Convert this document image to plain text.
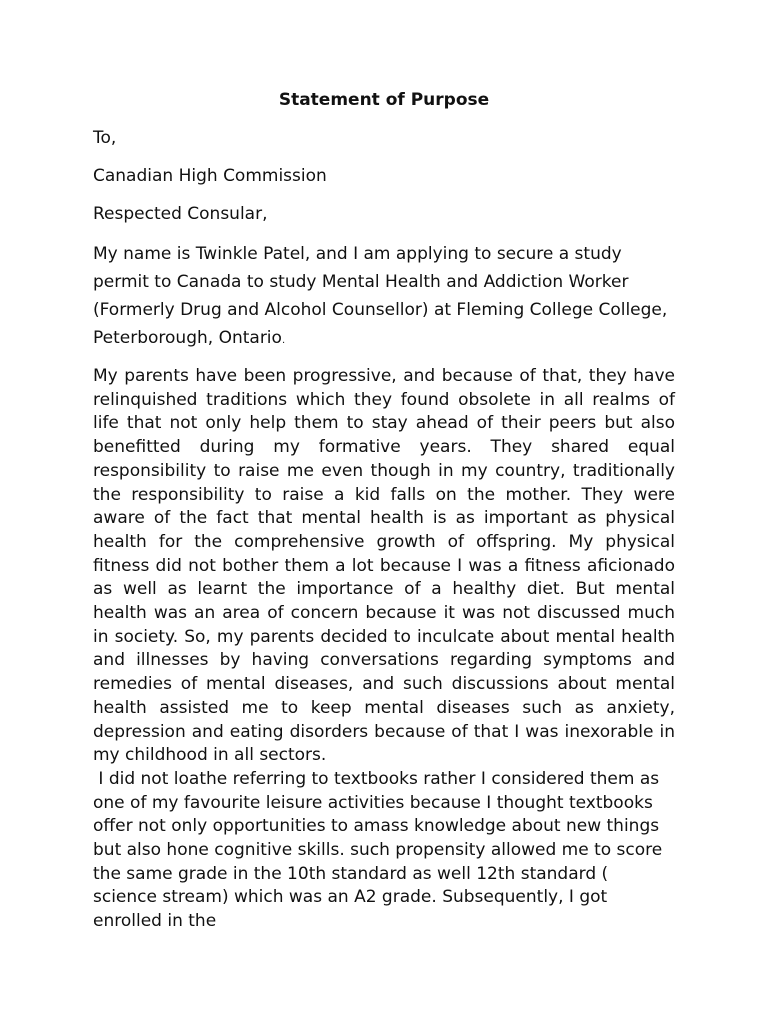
Statement of Purpose

To,

Canadian High Commission

Respected Consular,

My name is Twinkle Patel, and I am applying to secure a study permit to Canada to study Mental Health and Addiction Worker (Formerly Drug and Alcohol Counsellor) at Fleming College College, Peterborough, Ontario.

My parents have been progressive, and because of that, they have relinquished traditions which they found obsolete in all realms of life that not only help them to stay ahead of their peers but also benefitted during my formative years. They shared equal responsibility to raise me even though in my country, traditionally the responsibility to raise a kid falls on the mother. They were aware of the fact that mental health is as important as physical health for the comprehensive growth of offspring. My physical fitness did not bother them a lot because I was a fitness aficionado as well as learnt the importance of a healthy diet. But mental health was an area of concern because it was not discussed much in society. So, my parents decided to inculcate about mental health and illnesses by having conversations regarding symptoms and remedies of mental diseases, and such discussions about mental health assisted me to keep mental diseases such as anxiety, depression and eating disorders because of that I was inexorable in my childhood in all sectors.

I did not loathe referring to textbooks rather I considered them as one of my favourite leisure activities because I thought textbooks offer not only opportunities to amass knowledge about new things but also hone cognitive skills. such propensity allowed me to score the same grade in the 10th standard as well 12th standard ( science stream) which was an A2 grade. Subsequently, I got enrolled in the
